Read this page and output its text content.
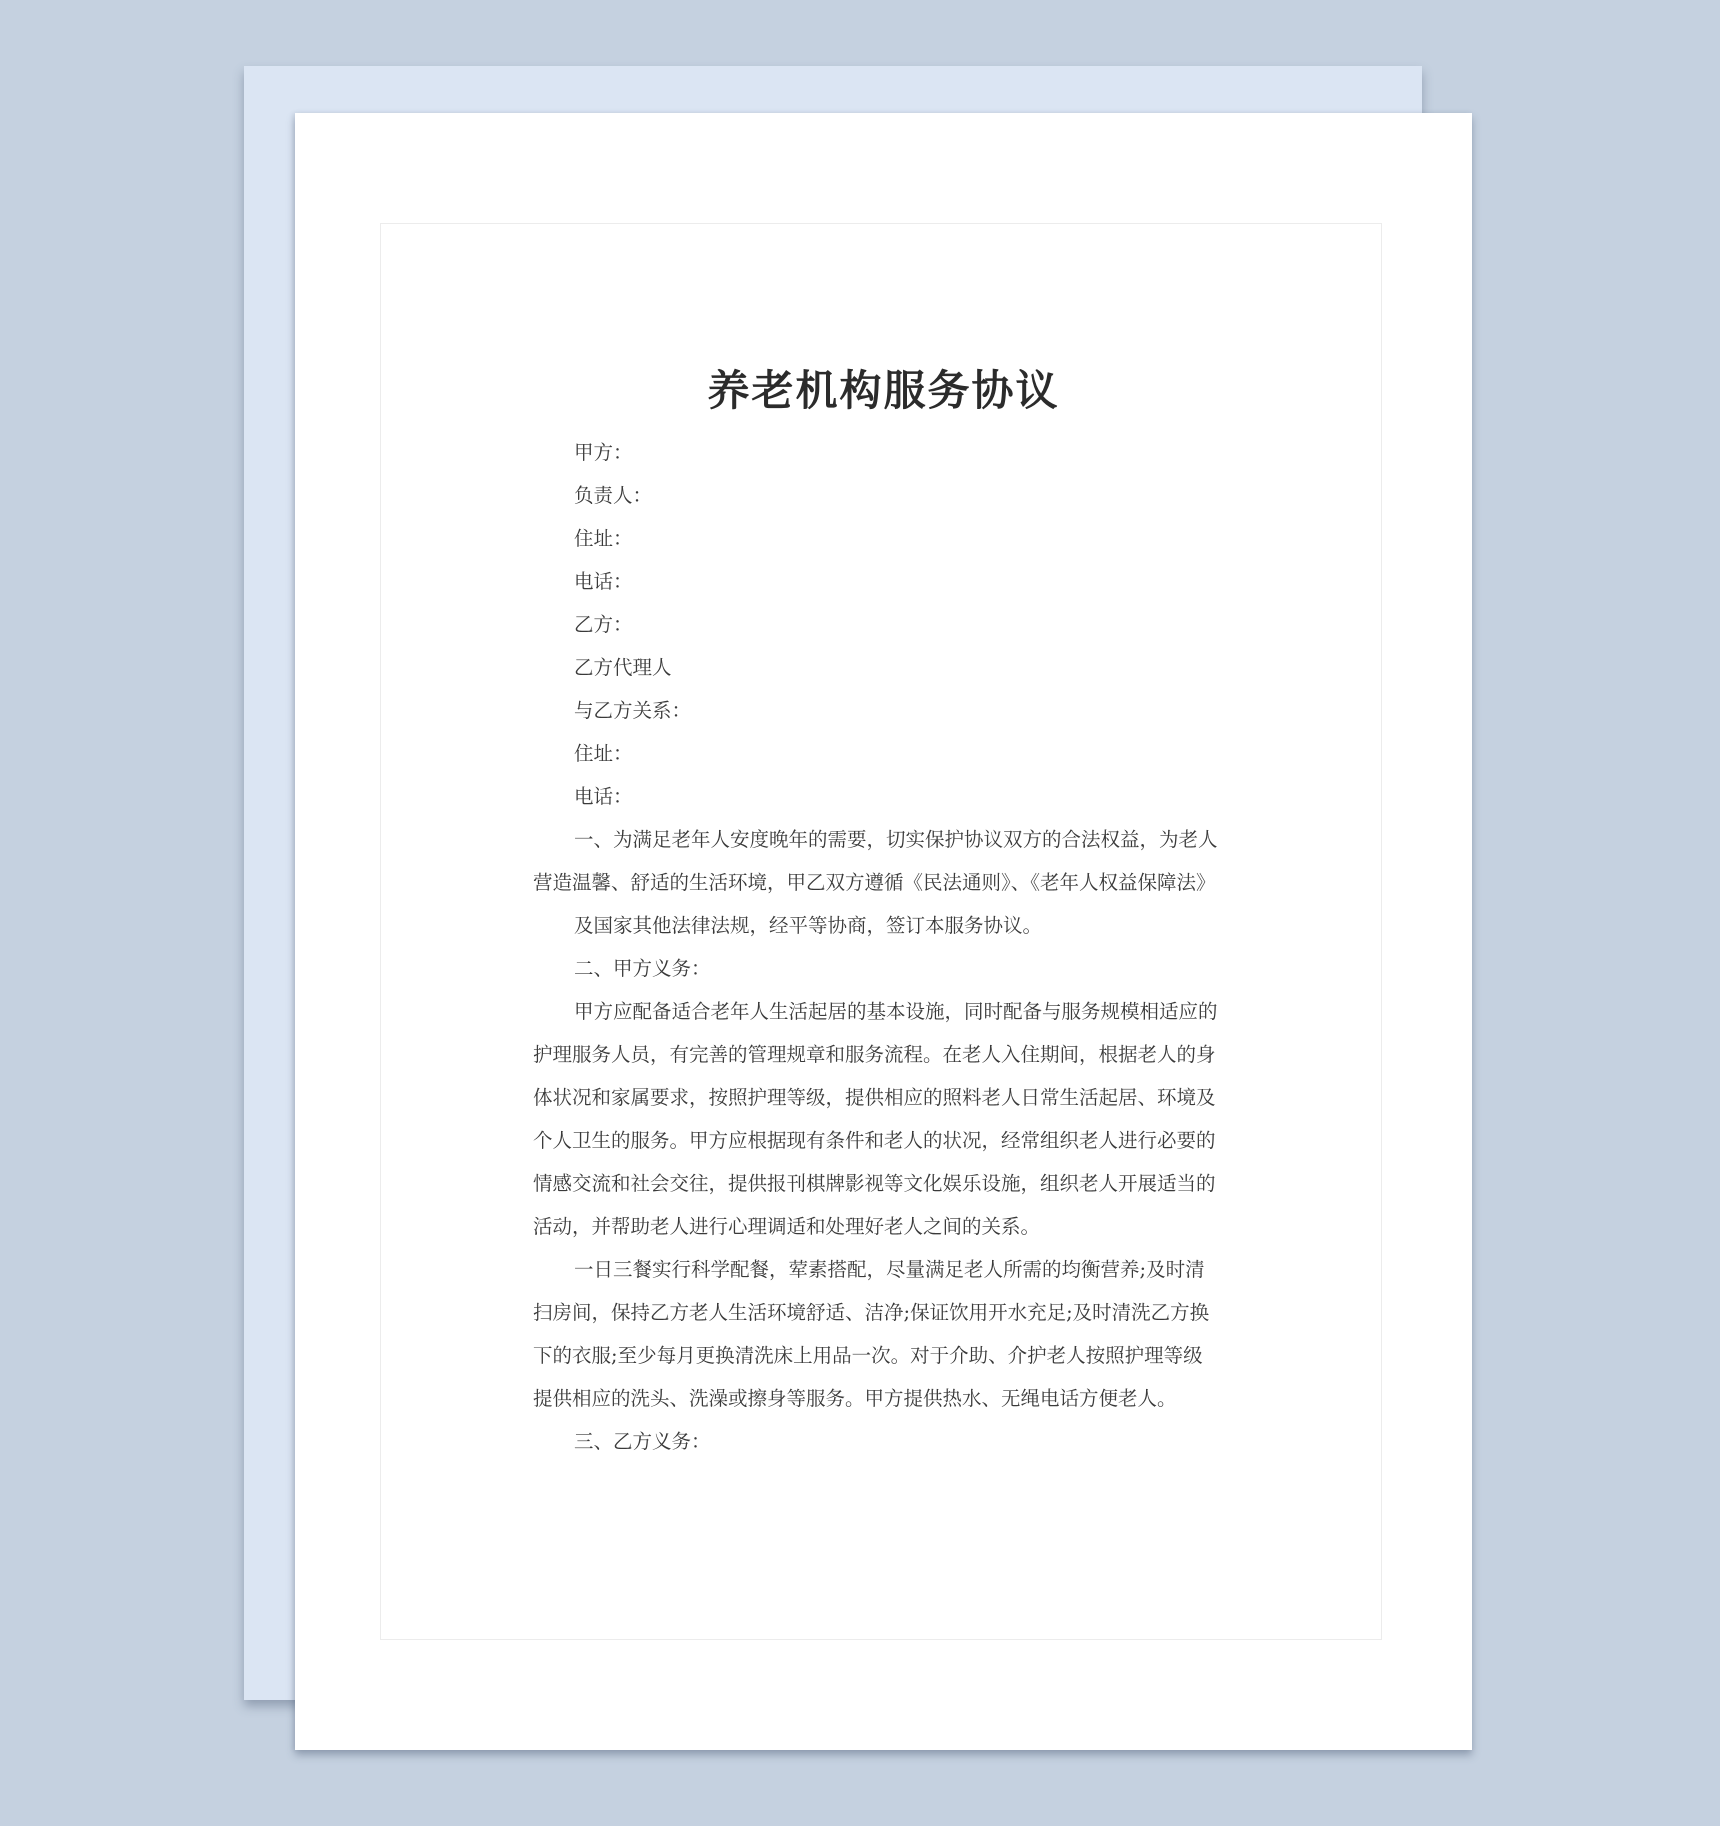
养老机构服务协议
甲方：
负责人：
住址：
电话：
乙方：
乙方代理人
与乙方关系：
住址：
电话：
一、为满足老年人安度晚年的需要，切实保护协议双方的合法权益，为老人
营造温馨、舒适的生活环境，甲乙双方遵循《民法通则》、《老年人权益保障法》
及国家其他法律法规，经平等协商，签订本服务协议。
二、甲方义务：
甲方应配备适合老年人生活起居的基本设施，同时配备与服务规模相适应的
护理服务人员，有完善的管理规章和服务流程。在老人入住期间，根据老人的身
体状况和家属要求，按照护理等级，提供相应的照料老人日常生活起居、环境及
个人卫生的服务。甲方应根据现有条件和老人的状况，经常组织老人进行必要的
情感交流和社会交往，提供报刊棋牌影视等文化娱乐设施，组织老人开展适当的
活动，并帮助老人进行心理调适和处理好老人之间的关系。
一日三餐实行科学配餐，荤素搭配，尽量满足老人所需的均衡营养;及时清
扫房间，保持乙方老人生活环境舒适、洁净;保证饮用开水充足;及时清洗乙方换
下的衣服;至少每月更换清洗床上用品一次。对于介助、介护老人按照护理等级
提供相应的洗头、洗澡或擦身等服务。甲方提供热水、无绳电话方便老人。
三、乙方义务：
